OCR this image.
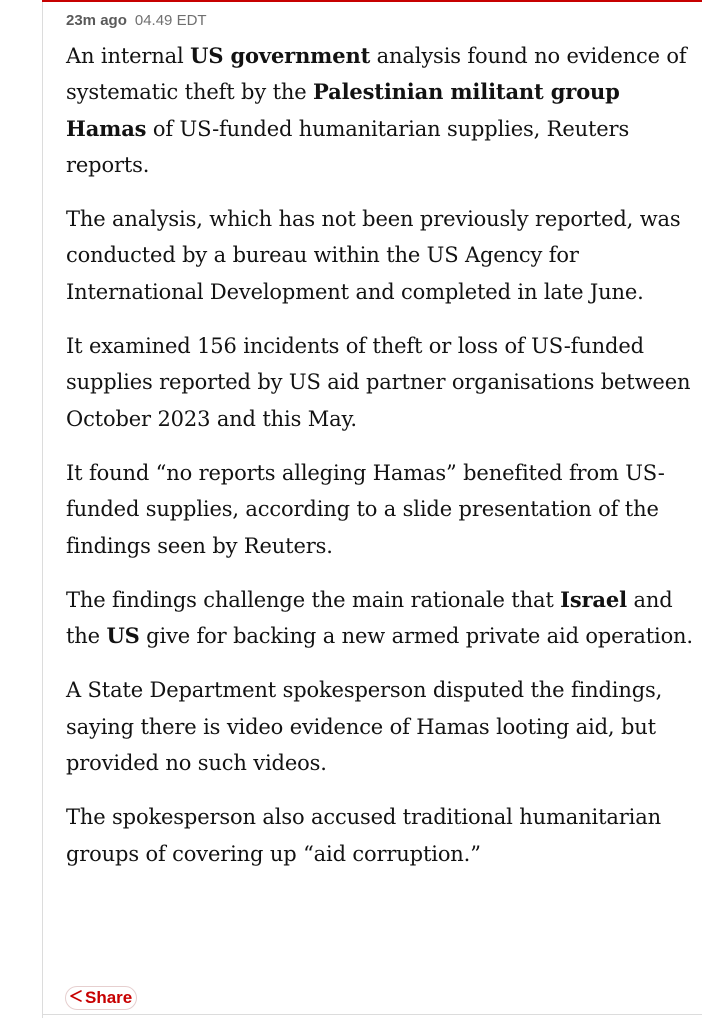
23m ago 04.49 EDT

An internal US government analysis found no evidence of systematic theft by the Palestinian militant group Hamas of US-funded humanitarian supplies, Reuters reports.

The analysis, which has not been previously reported, was conducted by a bureau within the US Agency for International Development and completed in late June.

It examined 156 incidents of theft or loss of US-funded supplies reported by US aid partner organisations between October 2023 and this May.

It found “no reports alleging Hamas” benefited from US-funded supplies, according to a slide presentation of the findings seen by Reuters.

The findings challenge the main rationale that Israel and the US give for backing a new armed private aid operation.

A State Department spokesperson disputed the findings, saying there is video evidence of Hamas looting aid, but provided no such videos.

The spokesperson also accused traditional humanitarian groups of covering up “aid corruption.”

Share
